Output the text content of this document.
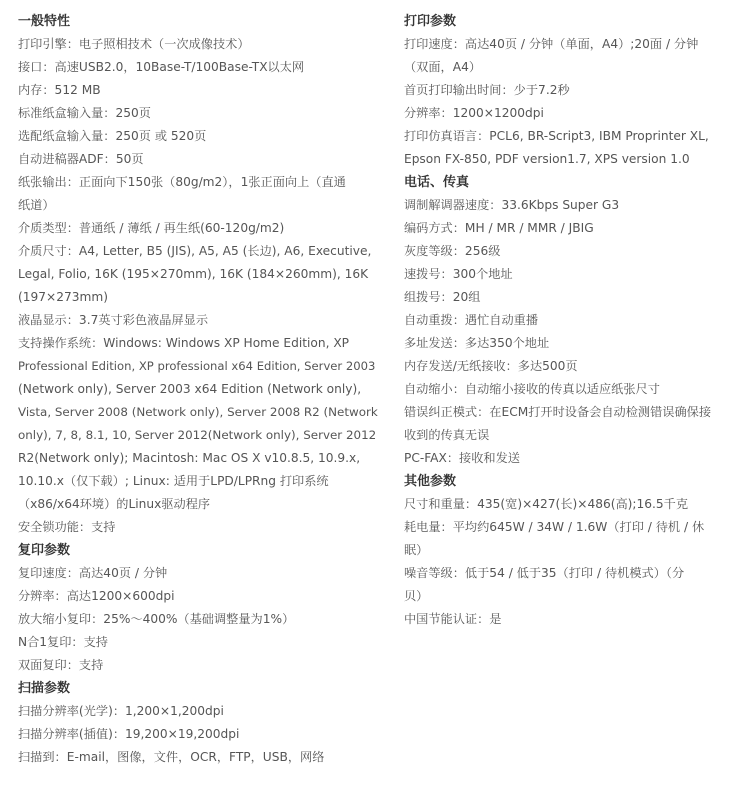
一般特性
打印引擎：电子照相技术（一次成像技术）
接口：高速USB2.0，10Base-T/100Base-TX以太网
内存：512 MB
标准纸盒输入量：250页
选配纸盒输入量：250页 或 520页
自动进稿器ADF：50页
纸张输出：正面向下150张（80g/m2），1张正面向上（直通
纸道）
介质类型：普通纸 / 薄纸 / 再生纸(60-120g/m2)
介质尺寸：A4, Letter, B5 (JIS), A5, A5 (长边), A6, Executive,
Legal, Folio, 16K (195×270mm), 16K (184×260mm), 16K
(197×273mm)
液晶显示：3.7英寸彩色液晶屏显示
支持操作系统：Windows: Windows XP Home Edition, XP
Professional Edition, XP professional x64 Edition, Server 2003
(Network only), Server 2003 x64 Edition (Network only),
Vista, Server 2008 (Network only), Server 2008 R2 (Network
only), 7, 8, 8.1, 10, Server 2012(Network only), Server 2012
R2(Network only); Macintosh: Mac OS X v10.8.5, 10.9.x,
10.10.x（仅下载）; Linux: 适用于LPD/LPRng 打印系统
（x86/x64环境）的Linux驱动程序
安全锁功能：支持
复印参数
复印速度：高达40页 / 分钟
分辨率：高达1200×600dpi
放大缩小复印：25%～400%（基础调整量为1%）
N合1复印：支持
双面复印：支持
扫描参数
扫描分辨率(光学)：1,200×1,200dpi
扫描分辨率(插值)：19,200×19,200dpi
扫描到：E-mail，图像，文件，OCR，FTP，USB，网络
打印参数
打印速度：高达40页 / 分钟（单面，A4）;20面 / 分钟
（双面，A4）
首页打印输出时间：少于7.2秒
分辨率：1200×1200dpi
打印仿真语言：PCL6, BR-Script3, IBM Proprinter XL,
Epson FX-850, PDF version1.7, XPS version 1.0
电话、传真
调制解调器速度：33.6Kbps Super G3
编码方式：MH / MR / MMR / JBIG
灰度等级：256级
速拨号：300个地址
组拨号：20组
自动重拨：遇忙自动重播
多址发送：多达350个地址
内存发送/无纸接收：多达500页
自动缩小：自动缩小接收的传真以适应纸张尺寸
错误纠正模式：在ECM打开时设备会自动检测错误确保接
收到的传真无误
PC-FAX：接收和发送
其他参数
尺寸和重量：435(宽)×427(长)×486(高);16.5千克
耗电量：平均约645W / 34W / 1.6W（打印 / 待机 / 休
眠）
噪音等级：低于54 / 低于35（打印 / 待机模式）（分
贝）
中国节能认证：是
